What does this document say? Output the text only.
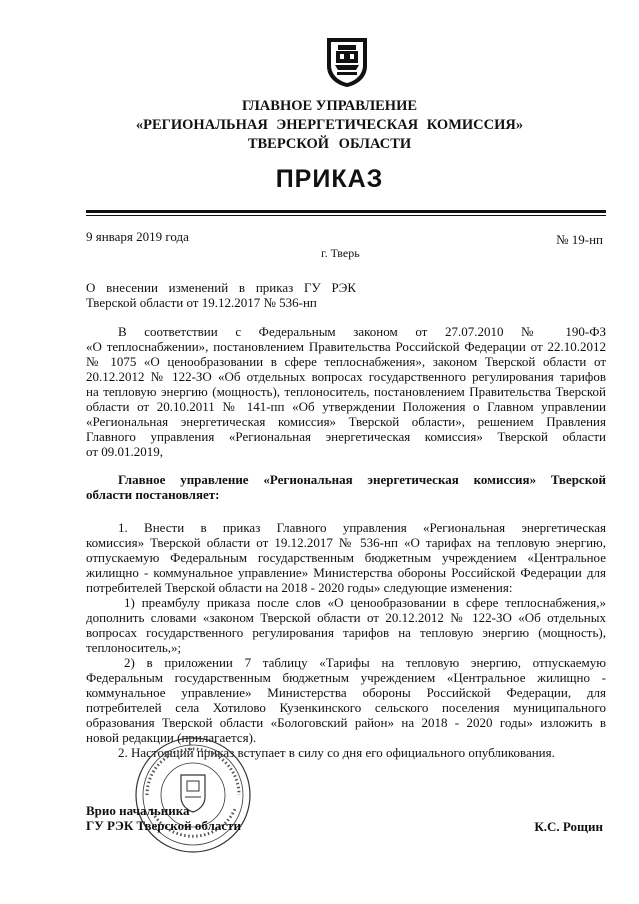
ГЛАВНОЕ УПРАВЛЕНИЕ
«РЕГИОНАЛЬНАЯ ЭНЕРГЕТИЧЕСКАЯ КОМИССИЯ»
ТВЕРСКОЙ ОБЛАСТИ
ПРИКАЗ
9 января 2019 года	№ 19-нп
г. Тверь
О внесении изменений в приказ ГУ РЭК
Тверской области от 19.12.2017 № 536-нп
В соответствии с Федеральным законом от 27.07.2010 № 190-ФЗ
«О теплоснабжении», постановлением Правительства Российской Федерации от 22.10.2012
№ 1075 «О ценообразовании в сфере теплоснабжения», законом Тверской области от
20.12.2012 № 122-ЗО «Об отдельных вопросах государственного регулирования тарифов
на тепловую энергию (мощность), теплоноситель, постановлением Правительства Тверской
области от 20.10.2011 № 141-пп «Об утверждении Положения о Главном управлении
«Региональная энергетическая комиссия» Тверской области», решением Правления
Главного управления «Региональная энергетическая комиссия» Тверской области
от 09.01.2019,
Главное управление «Региональная энергетическая комиссия» Тверской
области постановляет:
1. Внести в приказ Главного управления «Региональная энергетическая
комиссия» Тверской области от 19.12.2017 № 536-нп «О тарифах на тепловую энергию,
отпускаемую Федеральным государственным бюджетным учреждением «Центральное
жилищно - коммунальное управление» Министерства обороны Российской Федерации для
потребителей Тверской области на 2018 - 2020 годы» следующие изменения:
1) преамбулу приказа после слов «О ценообразовании в сфере теплоснабжения,»
дополнить словами «законом Тверской области от 20.12.2012 № 122-ЗО «Об отдельных
вопросах государственного регулирования тарифов на тепловую энергию (мощность),
теплоноситель,»;
2) в приложении 7 таблицу «Тарифы на тепловую энергию, отпускаемую
Федеральным государственным бюджетным учреждением «Центральное жилищно -
коммунальное управление» Министерства обороны Российской Федерации, для
потребителей села Хотилово Кузенкинского сельского поселения муниципального
образования Тверской области «Бологовский район» на 2018 - 2020 годы» изложить в
новой редакции (прилагается).
2. Настоящий приказ вступает в силу со дня его официального опубликования.
Врио начальника
ГУ РЭК Тверской области	К.С. Рощин
